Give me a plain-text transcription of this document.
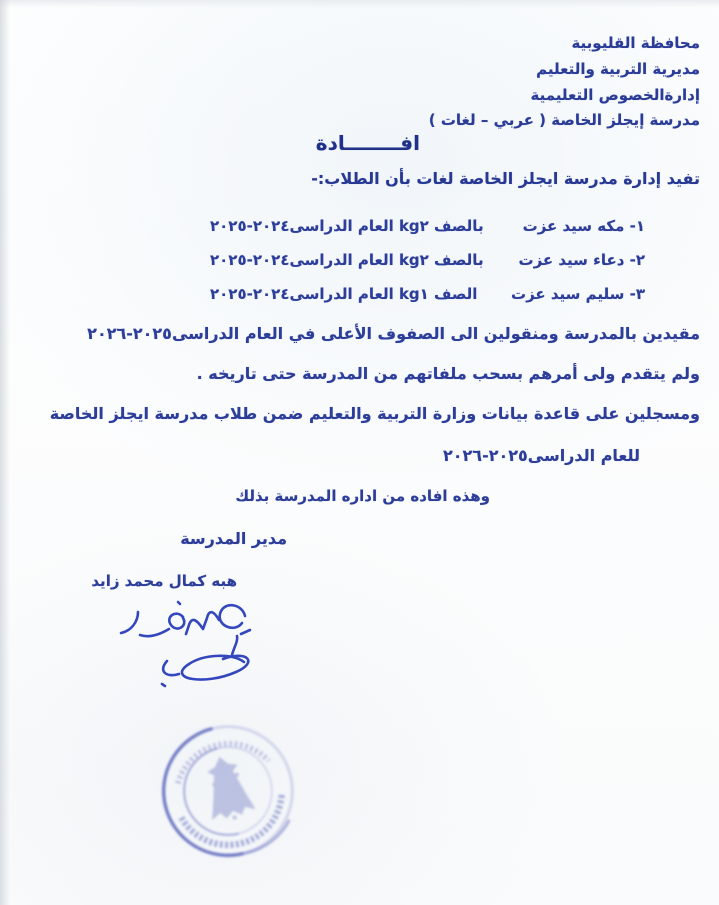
محافظة القليوبية
مديرية التربية والتعليم
إدارةالخصوص التعليمية
مدرسة إيجلز الخاصة ( عربي – لغات )
افــــــــادة
تفيد إدارة مدرسة ايجلز الخاصة لغات بأن الطلاب:-
١- مكه سيد عزت
بالصف kg٢ العام الدراسى٢٠٢٤-٢٠٢٥
٢- دعاء سيد عزت
بالصف kg٢ العام الدراسى٢٠٢٤-٢٠٢٥
٣- سليم سيد عزت
الصف kg١ العام الدراسى٢٠٢٤-٢٠٢٥
مقيدين بالمدرسة ومنقولين الى الصفوف الأعلى في العام الدراسى٢٠٢٥-٢٠٢٦
ولم يتقدم ولى أمرهم بسحب ملفاتهم من المدرسة حتى تاريخه .
ومسجلين على قاعدة بيانات وزارة التربية والتعليم ضمن طلاب مدرسة ايجلز الخاصة
للعام الدراسى٢٠٢٥-٢٠٢٦
وهذه افاده من اداره المدرسة بذلك
مدير المدرسة
هبه كمال محمد زايد
